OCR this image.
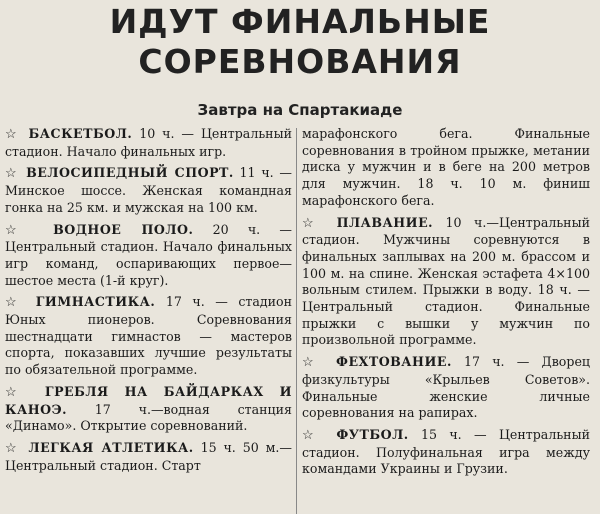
ИДУТ ФИНАЛЬНЫЕ
СОРЕВНОВАНИЯ
Завтра на Спартакиаде
☆ БАСКЕТБОЛ. 10 ч. — Центральный стадион. Начало финальных игр.
☆ ВЕЛОСИПЕДНЫЙ СПОРТ. 11 ч. — Минское шоссе. Женская командная гонка на 25 км. и мужская на 100 км.
☆ ВОДНОЕ ПОЛО. 20 ч. — Центральный стадион. Начало финальных игр команд, оспаривающих первое—шестое места (1-й круг).
☆ ГИМНАСТИКА. 17 ч. — стадион Юных пионеров. Соревнования шестнадцати гимнастов — мастеров спорта, показавших лучшие результаты по обязательной программе.
☆ ГРЕБЛЯ НА БАЙДАРКАХ И КАНОЭ. 17 ч.—водная станция «Динамо». Открытие соревнований.
☆ ЛЕГКАЯ АТЛЕТИКА. 15 ч. 50 м.—Центральный стадион. Старт
марафонского бега. Финальные соревнования в тройном прыжке, метании диска у мужчин и в беге на 200 метров для мужчин. 18 ч. 10 м. финиш марафонского бега.
☆ ПЛАВАНИЕ. 10 ч.—Центральный стадион. Мужчины соревнуются в финальных заплывах на 200 м. брассом и 100 м. на спине. Женская эстафета 4×100 вольным стилем. Прыжки в воду. 18 ч. — Центральный стадион. Финальные прыжки с вышки у мужчин по произвольной программе.
☆ ФЕХТОВАНИЕ. 17 ч. — Дворец физкультуры «Крыльев Советов». Финальные женские личные соревнования на рапирах.
☆ ФУТБОЛ. 15 ч. — Центральный стадион. Полуфинальная игра между командами Украины и Грузии.
